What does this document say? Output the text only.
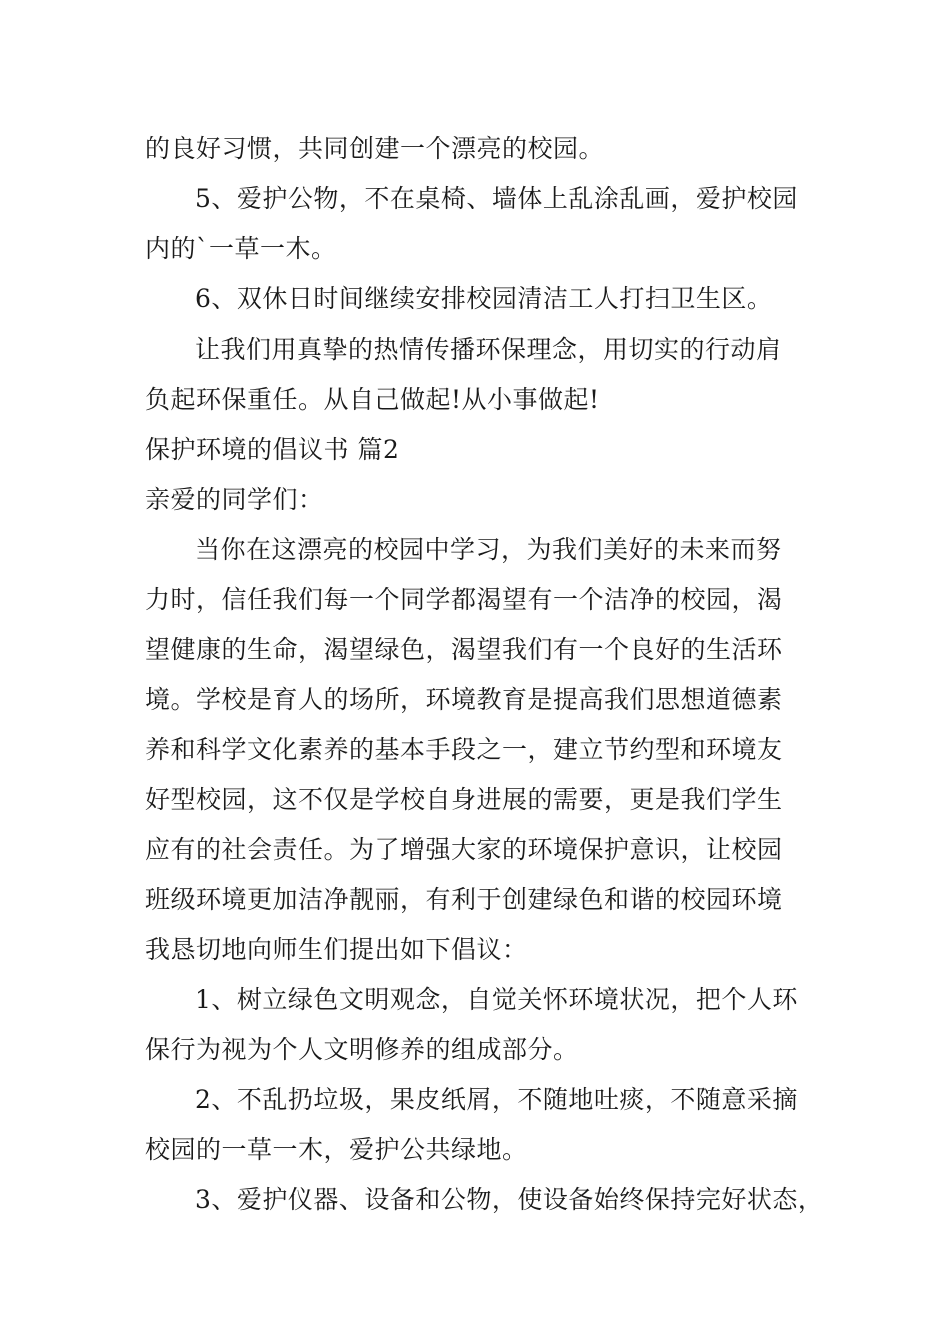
的良好习惯，共同创建一个漂亮的校园。
5、爱护公物，不在桌椅、墙体上乱涂乱画，爱护校园
内的`一草一木。
6、双休日时间继续安排校园清洁工人打扫卫生区。
让我们用真挚的热情传播环保理念，用切实的行动肩
负起环保重任。从自己做起!从小事做起!
保护环境的倡议书 篇2
亲爱的同学们：
当你在这漂亮的校园中学习，为我们美好的未来而努
力时，信任我们每一个同学都渴望有一个洁净的校园，渴
望健康的生命，渴望绿色，渴望我们有一个良好的生活环
境。学校是育人的场所，环境教育是提高我们思想道德素
养和科学文化素养的基本手段之一，建立节约型和环境友
好型校园，这不仅是学校自身进展的需要，更是我们学生
应有的社会责任。为了增强大家的环境保护意识，让校园
班级环境更加洁净靓丽，有利于创建绿色和谐的校园环境
我恳切地向师生们提出如下倡议：
1、树立绿色文明观念，自觉关怀环境状况，把个人环
保行为视为个人文明修养的组成部分。
2、不乱扔垃圾，果皮纸屑，不随地吐痰，不随意采摘
校园的一草一木，爱护公共绿地。
3、爱护仪器、设备和公物，使设备始终保持完好状态，
